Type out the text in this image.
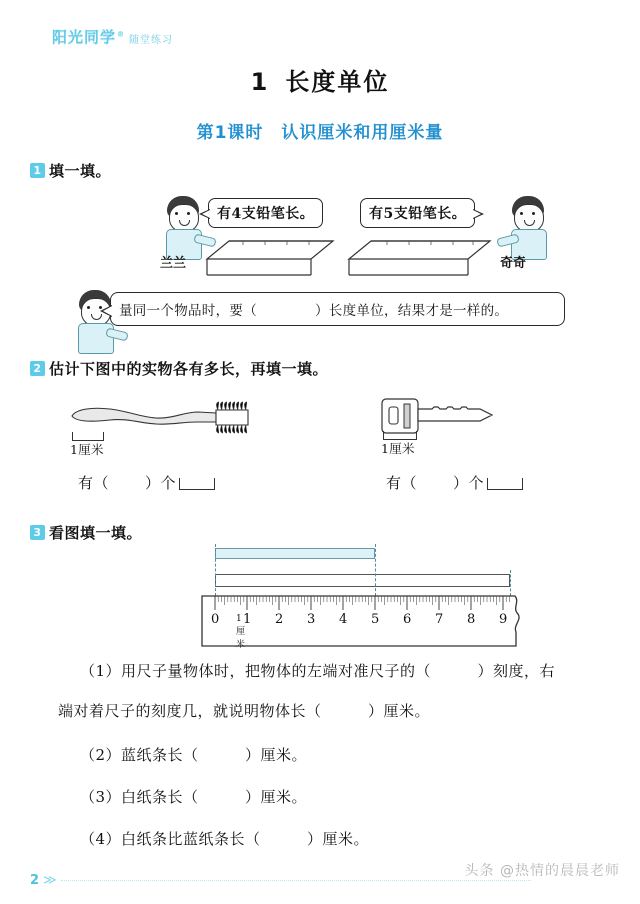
阳光同学®
随堂练习
1 长度单位
第1课时 认识厘米和用厘米量
1 填一填。
兰兰
有4支铅笔长。
奇奇
有5支铅笔长。
量同一个物品时，要（	）长度单位，结果才是一样的。
2 估计下图中的实物各有多长，再填一填。
1厘米
有（ ）个
1厘米
有（ ）个
3 看图填一填。
0 1 2 3 4 5 6 7 8 9
1厘米
（1）用尺子量物体时，把物体的左端对准尺子的（　　　）刻度，右
端对着尺子的刻度几，就说明物体长（　　　）厘米。
（2）蓝纸条长（　　　）厘米。
（3）白纸条长（　　　）厘米。
（4）白纸条比蓝纸条长（　　　）厘米。
2 ≫
头条 @热情的晨晨老师
